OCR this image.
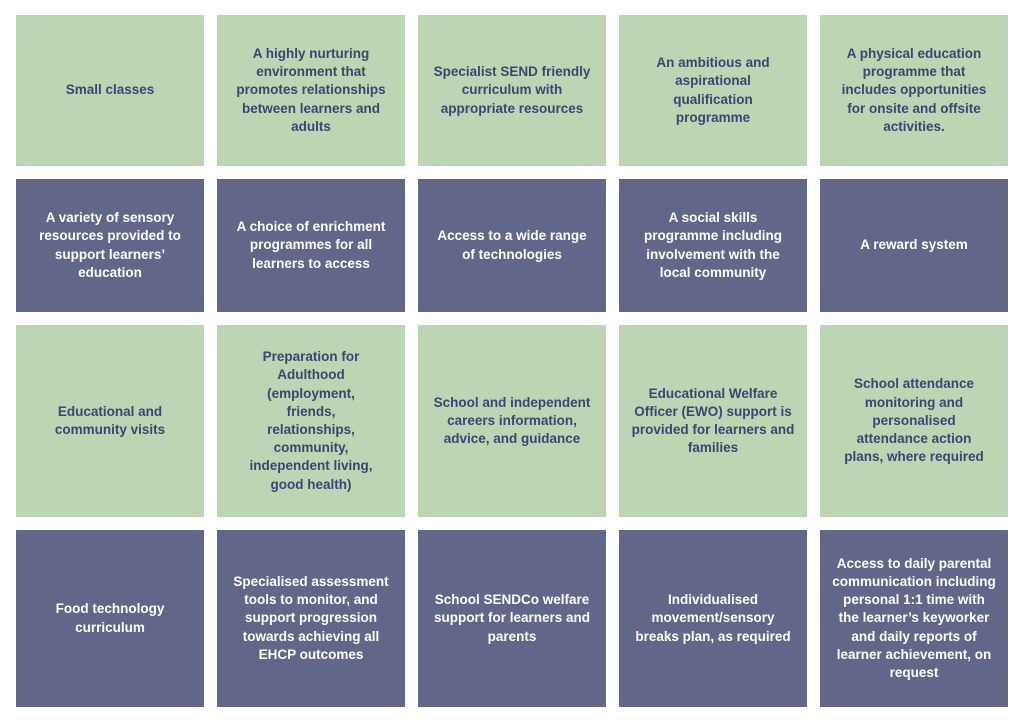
Small classes
A highly nurturing environment that promotes relationships between learners and adults
Specialist SEND friendly curriculum with appropriate resources
An ambitious and aspirational qualification programme
A physical education programme that includes opportunities for onsite and offsite activities.
A variety of sensory resources provided to support learners’ education
A choice of enrichment programmes for all learners to access
Access to a wide range of technologies
A social skills programme including involvement with the local community
A reward system
Educational and community visits
Preparation for Adulthood (employment, friends, relationships, community, independent living, good health)
School and independent careers information, advice, and guidance
Educational Welfare Officer (EWO) support is provided for learners and families
School attendance monitoring and personalised attendance action plans, where required
Food technology curriculum
Specialised assessment tools to monitor, and support progression towards achieving all EHCP outcomes
School SENDCo welfare support for learners and parents
Individualised movement/sensory breaks plan, as required
Access to daily parental communication including personal 1:1 time with the learner’s keyworker and daily reports of learner achievement, on request
